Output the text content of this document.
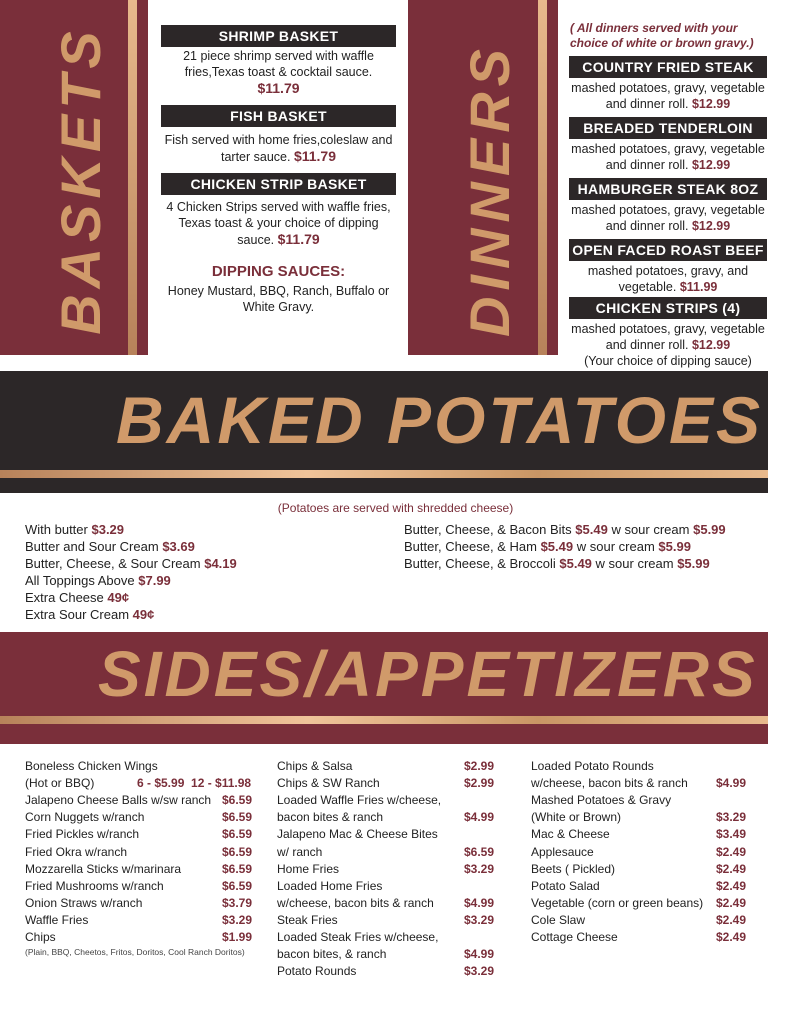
BASKETS	SHRIMP BASKET
21 piece shrimp served with waffle fries,Texas toast & cocktail sauce.
$11.79
FISH BASKET
Fish served with home fries,coleslaw and tarter sauce. $11.79
CHICKEN STRIP BASKET
4 Chicken Strips served with waffle fries, Texas toast & your choice of dipping sauce. $11.79
DIPPING SAUCES:
Honey Mustard, BBQ, Ranch, Buffalo or White Gravy.	DINNERS
( All dinners served with your choice of white or brown gravy.)
COUNTRY FRIED STEAK
mashed potatoes, gravy, vegetable and dinner roll. $12.99
BREADED TENDERLOIN
mashed potatoes, gravy, vegetable and dinner roll. $12.99
HAMBURGER STEAK 8OZ
mashed potatoes, gravy, vegetable and dinner roll. $12.99
OPEN FACED ROAST BEEF
mashed potatoes, gravy, and vegetable. $11.99
CHICKEN STRIPS (4)
mashed potatoes, gravy, vegetable and dinner roll. $12.99
(Your choice of dipping sauce)
BAKED POTATOES
(Potatoes are served with shredded cheese)
With butter $3.29
Butter and Sour Cream $3.69
Butter, Cheese, & Sour Cream $4.19
All Toppings Above $7.99
Extra Cheese 49¢
Extra Sour Cream 49¢
Butter, Cheese, & Bacon Bits $5.49 w sour cream $5.99
Butter, Cheese, & Ham $5.49 w sour cream $5.99
Butter, Cheese, & Broccoli $5.49 w sour cream $5.99
SIDES/APPETIZERS
Boneless Chicken Wings
(Hot or BBQ)	6 - $5.99  12 - $11.98
Jalapeno Cheese Balls w/sw ranch $6.59
Corn Nuggets w/ranch	$6.59
Fried Pickles w/ranch	$6.59
Fried Okra w/ranch	$6.59
Mozzarella Sticks w/marinara	$6.59
Fried Mushrooms w/ranch	$6.59
Onion Straws w/ranch	$3.79
Waffle Fries	$3.29
Chips	$1.99
Chips & Salsa	$2.99
Chips & SW Ranch	$2.99
Loaded Waffle Fries w/cheese,
bacon bites & ranch	$4.99
Jalapeno Mac & Cheese Bites
w/ ranch	$6.59
Home Fries	$3.29
Loaded Home Fries
w/cheese, bacon bits & ranch	$4.99
Steak Fries	$3.29
Loaded Steak Fries w/cheese,
bacon bites, & ranch	$4.99
Potato Rounds	$3.29
Loaded Potato Rounds
w/cheese, bacon bits & ranch $4.99
Mashed Potatoes & Gravy
(White or Brown)	$3.29
Mac & Cheese	$3.49
Applesauce	$2.49
Beets ( Pickled)	$2.49
Potato Salad	$2.49
Vegetable (corn or green beans) $2.49
Cole Slaw	$2.49
Cottage Cheese	$2.49
(Plain, BBQ, Cheetos, Fritos, Doritos, Cool Ranch Doritos)
